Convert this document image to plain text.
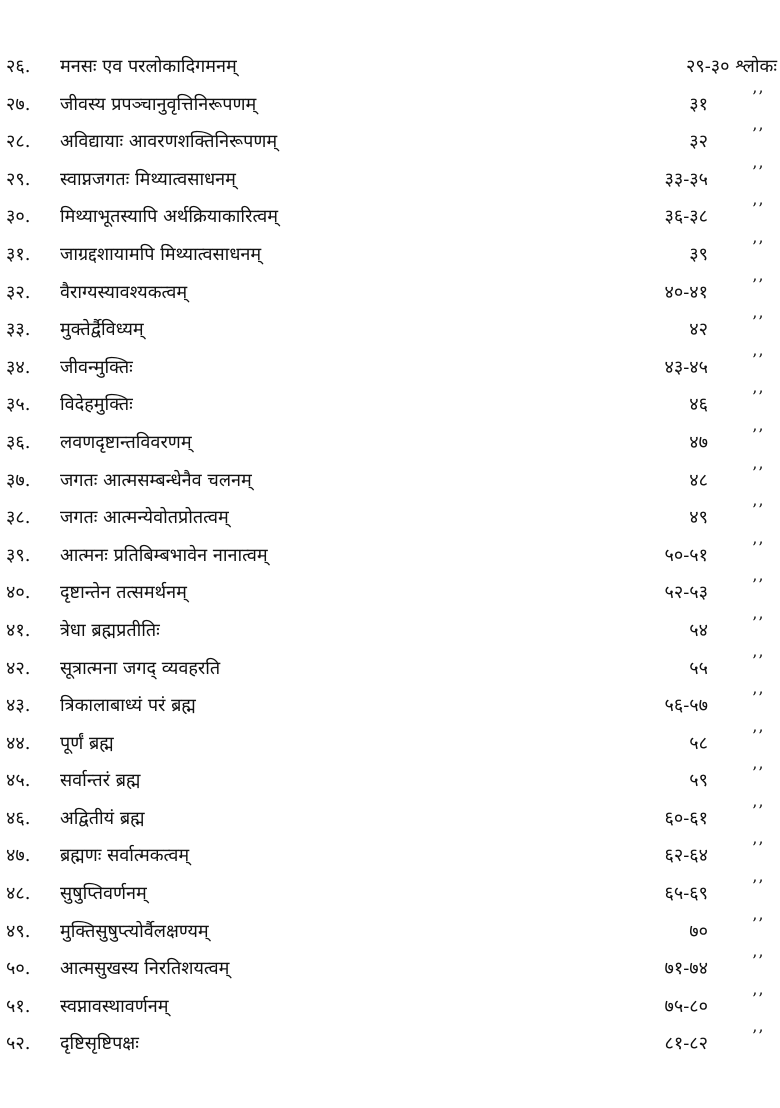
२६. मनसः एव परलोकादिगमनम्	२९-३० श्लोकः
२७. जीवस्य प्रपञ्चानुवृत्तिनिरूपणम्	३१	’’
२८. अविद्यायाः आवरणशक्तिनिरूपणम्	३२	’’
२९. स्वाप्नजगतः मिथ्यात्वसाधनम्	३३-३५	’’
३०. मिथ्याभूतस्यापि अर्थक्रियाकारित्वम्	३६-३८	’’
३१. जाग्रद्दशायामपि मिथ्यात्वसाधनम्	३९	’’
३२. वैराग्यस्यावश्यकत्वम्	४०-४१	’’
३३. मुक्तेर्द्वैविध्यम्	४२	’’
३४. जीवन्मुक्तिः	४३-४५	’’
३५. विदेहमुक्तिः	४६	’’
३६. लवणदृष्टान्तविवरणम्	४७	’’
३७. जगतः आत्मसम्बन्धेनैव चलनम्	४८	’’
३८. जगतः आत्मन्येवोतप्रोतत्वम्	४९	’’
३९. आत्मनः प्रतिबिम्बभावेन नानात्वम्	५०-५१	’’
४०. दृष्टान्तेन तत्समर्थनम्	५२-५३	’’
४१. त्रेधा ब्रह्मप्रतीतिः	५४	’’
४२. सूत्रात्मना जगद् व्यवहरति	५५	’’
४३. त्रिकालाबाध्यं परं ब्रह्म	५६-५७	’’
४४. पूर्णं ब्रह्म	५८	’’
४५. सर्वान्तरं ब्रह्म	५९	’’
४६. अद्वितीयं ब्रह्म	६०-६१	’’
४७. ब्रह्मणः सर्वात्मकत्वम्	६२-६४	’’
४८. सुषुप्तिवर्णनम्	६५-६९	’’
४९. मुक्तिसुषुप्त्योर्वैलक्षण्यम्	७०	’’
५०. आत्मसुखस्य निरतिशयत्वम्	७१-७४	’’
५१. स्वप्नावस्थावर्णनम्	७५-८०	’’
५२. दृष्टिसृष्टिपक्षः	८१-८२	’’
